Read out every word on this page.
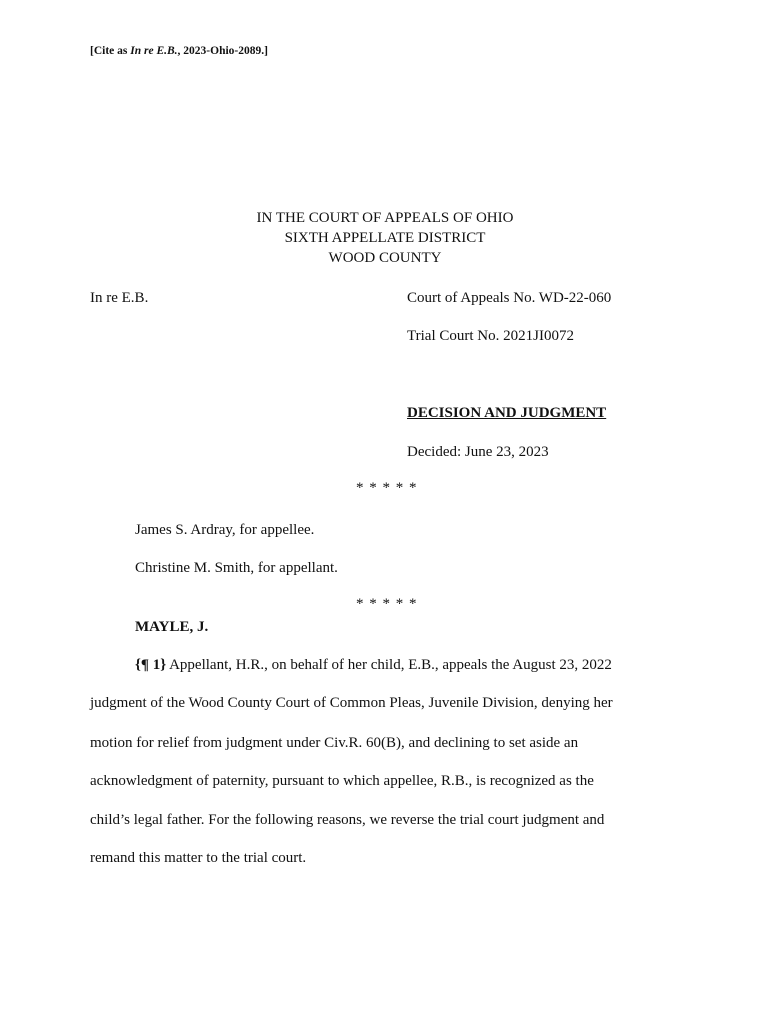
[Cite as In re E.B., 2023-Ohio-2089.]
IN THE COURT OF APPEALS OF OHIO
SIXTH APPELLATE DISTRICT
WOOD COUNTY
In re E.B.	Court of Appeals No. WD-22-060
Trial Court No. 2021JI0072
DECISION AND JUDGMENT
Decided: June 23, 2023
* * * * *
James S. Ardray, for appellee.
Christine M. Smith, for appellant.
* * * * *
MAYLE, J.
{¶ 1} Appellant, H.R., on behalf of her child, E.B., appeals the August 23, 2022
judgment of the Wood County Court of Common Pleas, Juvenile Division, denying her
motion for relief from judgment under Civ.R. 60(B), and declining to set aside an
acknowledgment of paternity, pursuant to which appellee, R.B., is recognized as the
child’s legal father. For the following reasons, we reverse the trial court judgment and
remand this matter to the trial court.
